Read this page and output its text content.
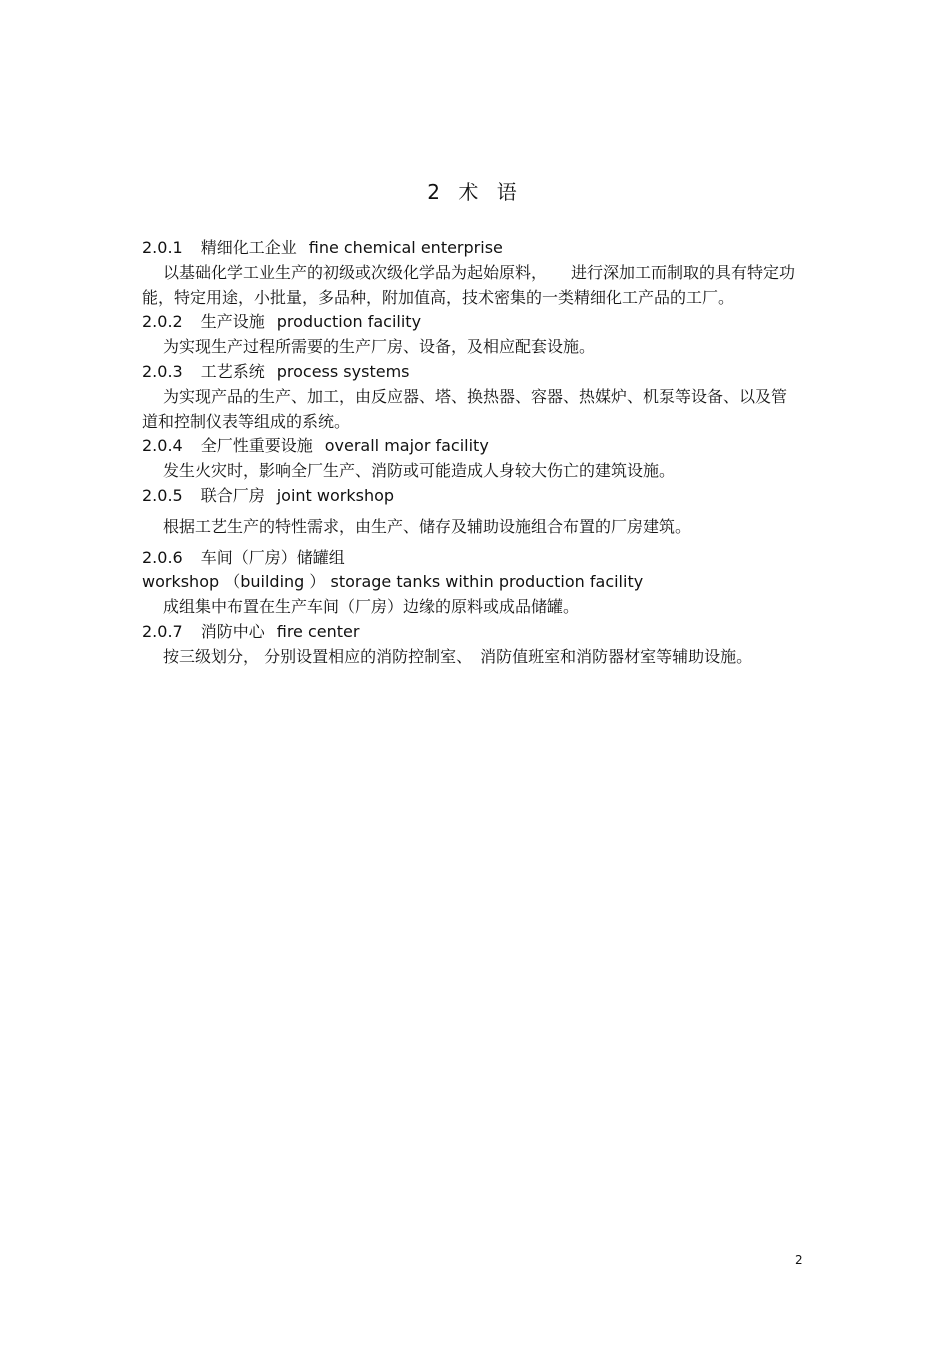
2 术 语
2.0.1 精细化工企业 fine chemical enterprise
以基础化学工业生产的初级或次级化学品为起始原料，　　进行深加工而制取的具有特定功能，特定用途，小批量，多品种，附加值高，技术密集的一类精细化工产品的工厂。
2.0.2 生产设施 production facility
为实现生产过程所需要的生产厂房、设备，及相应配套设施。
2.0.3 工艺系统 process systems
为实现产品的生产、加工，由反应器、塔、换热器、容器、热媒炉、机泵等设备、以及管道和控制仪表等组成的系统。
2.0.4 全厂性重要设施 overall major facility
发生火灾时，影响全厂生产、消防或可能造成人身较大伤亡的建筑设施。
2.0.5 联合厂房 joint workshop
根据工艺生产的特性需求，由生产、储存及辅助设施组合布置的厂房建筑。
2.0.6 车间（厂房）储罐组
workshop （building ） storage tanks within production facility
成组集中布置在生产车间（厂房）边缘的原料或成品储罐。
2.0.7 消防中心 fire center
按三级划分， 分别设置相应的消防控制室、　消防值班室和消防器材室等辅助设施。
2
